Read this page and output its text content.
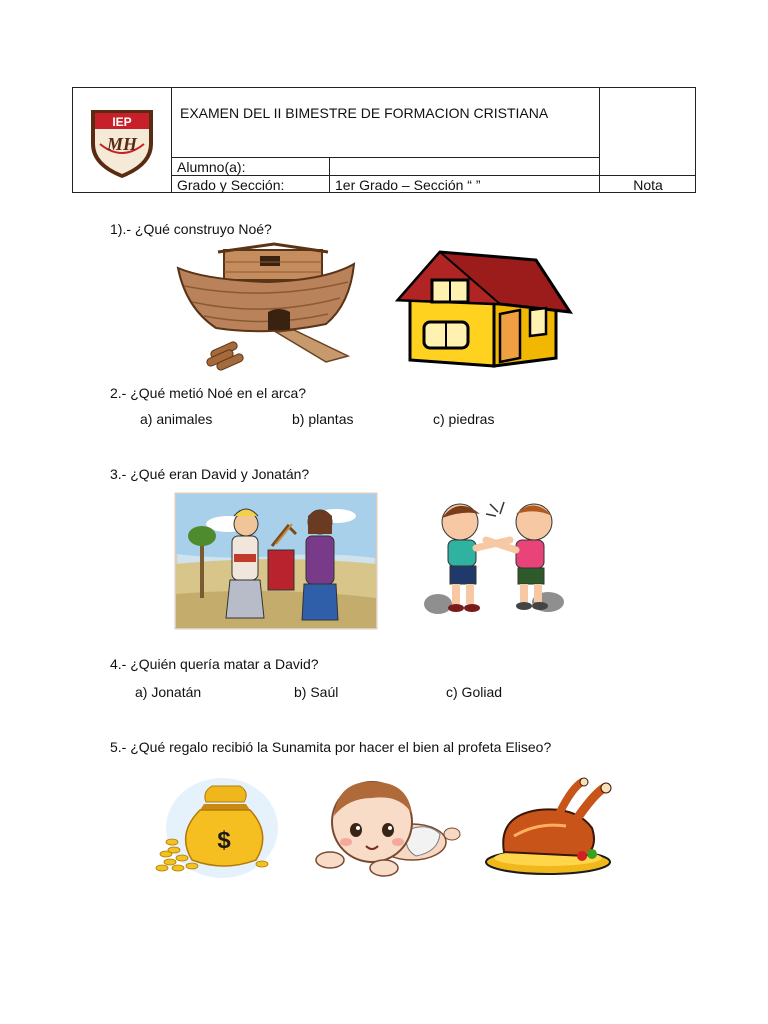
IEP
MH
EXAMEN DEL II BIMESTRE DE FORMACION CRISTIANA
Alumno(a):
Grado y Sección:	1er Grado – Sección “ ”	Nota
1).- ¿Qué construyo Noé?
2.- ¿Qué metió Noé en el arca?
a) animales	b) plantas	c) piedras
3.- ¿Qué eran David y Jonatán?
4.- ¿Quién quería matar a David?
a) Jonatán	b) Saúl	c) Goliad
5.- ¿Qué regalo recibió la Sunamita por hacer el bien al profeta Eliseo?
$
